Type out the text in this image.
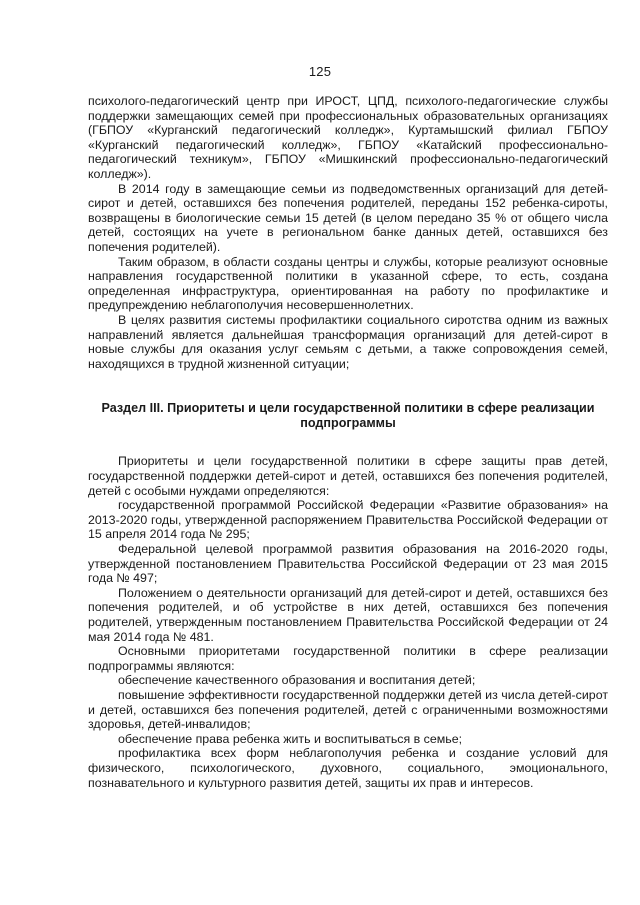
125

психолого-педагогический центр при ИРОСТ, ЦПД, психолого-педагогические службы поддержки замещающих семей при профессиональных образовательных организациях (ГБПОУ «Курганский педагогический колледж», Куртамышский филиал ГБПОУ «Курганский педагогический колледж», ГБПОУ «Катайский профессионально-педагогический техникум», ГБПОУ «Мишкинский профессионально-педагогический колледж»).

В 2014 году в замещающие семьи из подведомственных организаций для детей-сирот и детей, оставшихся без попечения родителей, переданы 152 ребенка-сироты, возвращены в биологические семьи 15 детей (в целом передано 35 % от общего числа детей, состоящих на учете в региональном банке данных детей, оставшихся без попечения родителей).

Таким образом, в области созданы центры и службы, которые реализуют основные направления государственной политики в указанной сфере, то есть, создана определенная инфраструктура, ориентированная на работу по профилактике и предупреждению неблагополучия несовершеннолетних.

В целях развития системы профилактики социального сиротства одним из важных направлений является дальнейшая трансформация организаций для детей-сирот в новые службы для оказания услуг семьям с детьми, а также сопровождения семей, находящихся в трудной жизненной ситуации;

Раздел III. Приоритеты и цели государственной политики в сфере реализации подпрограммы

Приоритеты и цели государственной политики в сфере защиты прав детей, государственной поддержки детей-сирот и детей, оставшихся без попечения родителей, детей с особыми нуждами определяются:

государственной программой Российской Федерации «Развитие образования» на 2013-2020 годы, утвержденной распоряжением Правительства Российской Федерации от 15 апреля 2014 года № 295;

Федеральной целевой программой развития образования на 2016-2020 годы, утвержденной постановлением Правительства Российской Федерации от 23 мая 2015 года № 497;

Положением о деятельности организаций для детей-сирот и детей, оставшихся без попечения родителей, и об устройстве в них детей, оставшихся без попечения родителей, утвержденным постановлением Правительства Российской Федерации от 24 мая 2014 года № 481.

Основными приоритетами государственной политики в сфере реализации подпрограммы являются:

обеспечение качественного образования и воспитания детей;

повышение эффективности государственной поддержки детей из числа детей-сирот и детей, оставшихся без попечения родителей, детей с ограниченными возможностями здоровья, детей-инвалидов;

обеспечение права ребенка жить и воспитываться в семье;

профилактика всех форм неблагополучия ребенка и создание условий для физического, психологического, духовного, социального, эмоционального, познавательного и культурного развития детей, защиты их прав и интересов.
